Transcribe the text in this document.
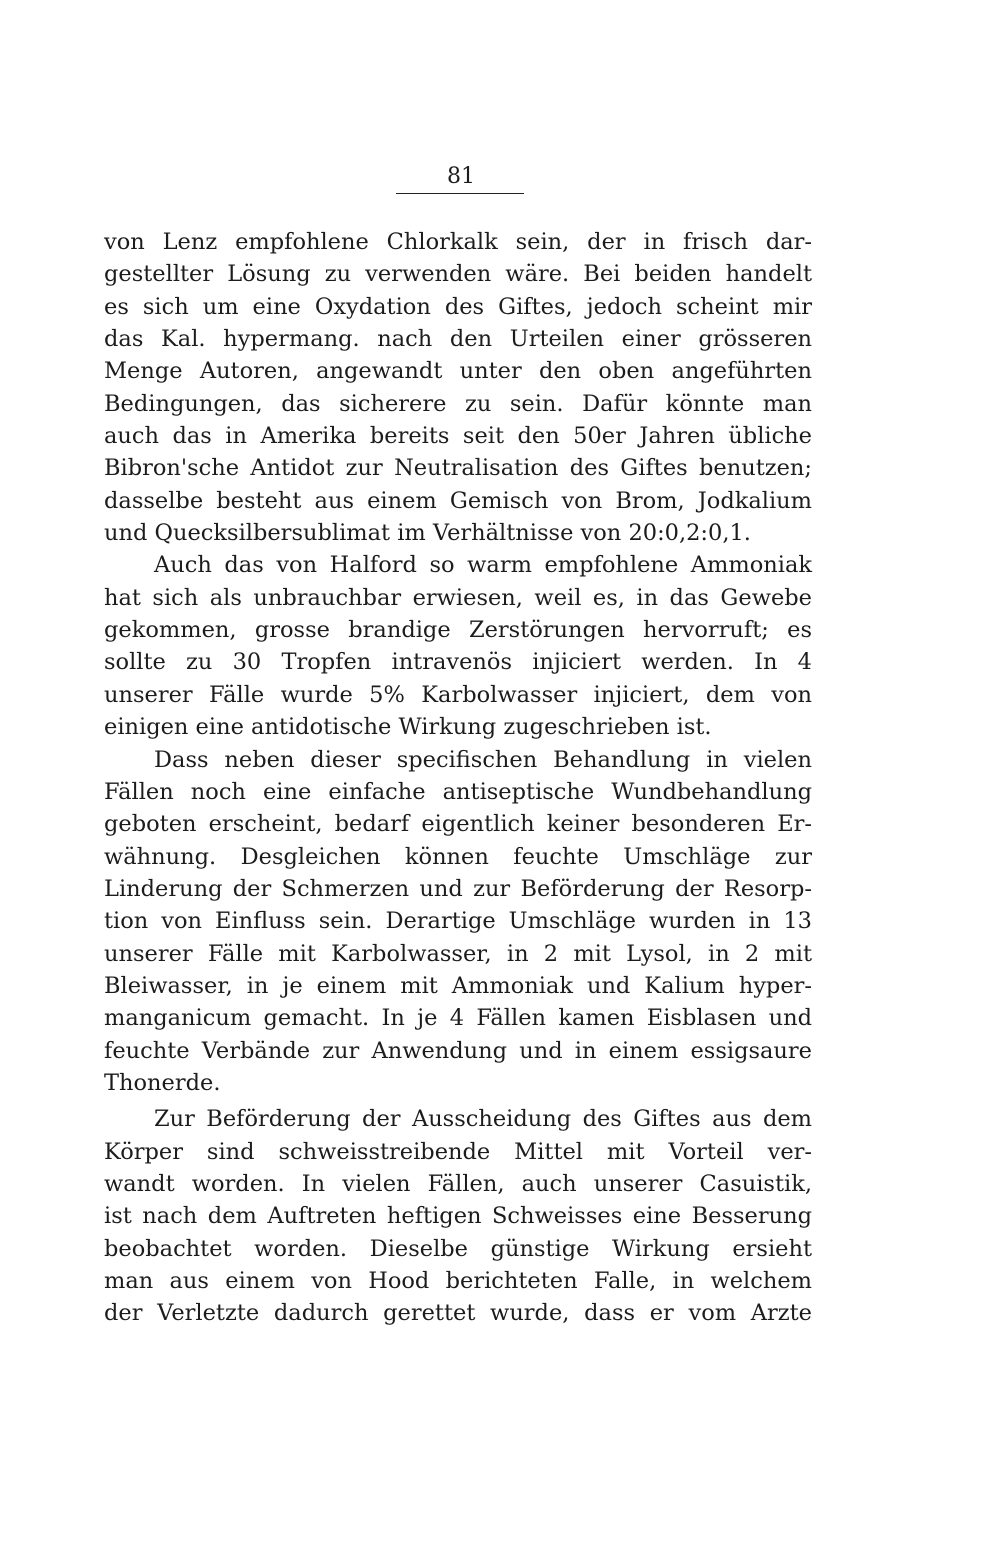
81
von Lenz empfohlene Chlorkalk sein, der in frisch dar-
gestellter Lösung zu verwenden wäre. Bei beiden handelt
es sich um eine Oxydation des Giftes, jedoch scheint mir
das Kal. hypermang. nach den Urteilen einer grösseren
Menge Autoren, angewandt unter den oben angeführten
Bedingungen, das sicherere zu sein. Dafür könnte man
auch das in Amerika bereits seit den 50er Jahren übliche
Bibron'sche Antidot zur Neutralisation des Giftes benutzen;
dasselbe besteht aus einem Gemisch von Brom, Jodkalium
und Quecksilbersublimat im Verhältnisse von 20:0,2:0,1.
Auch das von Halford so warm empfohlene Ammoniak
hat sich als unbrauchbar erwiesen, weil es, in das Gewebe
gekommen, grosse brandige Zerstörungen hervorruft; es
sollte zu 30 Tropfen intravenös injiciert werden. In 4
unserer Fälle wurde 5% Karbolwasser injiciert, dem von
einigen eine antidotische Wirkung zugeschrieben ist.
Dass neben dieser specifischen Behandlung in vielen
Fällen noch eine einfache antiseptische Wundbehandlung
geboten erscheint, bedarf eigentlich keiner besonderen Er-
wähnung. Desgleichen können feuchte Umschläge zur
Linderung der Schmerzen und zur Beförderung der Resorp-
tion von Einfluss sein. Derartige Umschläge wurden in 13
unserer Fälle mit Karbolwasser, in 2 mit Lysol, in 2 mit
Bleiwasser, in je einem mit Ammoniak und Kalium hyper-
manganicum gemacht. In je 4 Fällen kamen Eisblasen und
feuchte Verbände zur Anwendung und in einem essigsaure
Thonerde.
Zur Beförderung der Ausscheidung des Giftes aus dem
Körper sind schweisstreibende Mittel mit Vorteil ver-
wandt worden. In vielen Fällen, auch unserer Casuistik,
ist nach dem Auftreten heftigen Schweisses eine Besserung
beobachtet worden. Dieselbe günstige Wirkung ersieht
man aus einem von Hood berichteten Falle, in welchem
der Verletzte dadurch gerettet wurde, dass er vom Arzte
